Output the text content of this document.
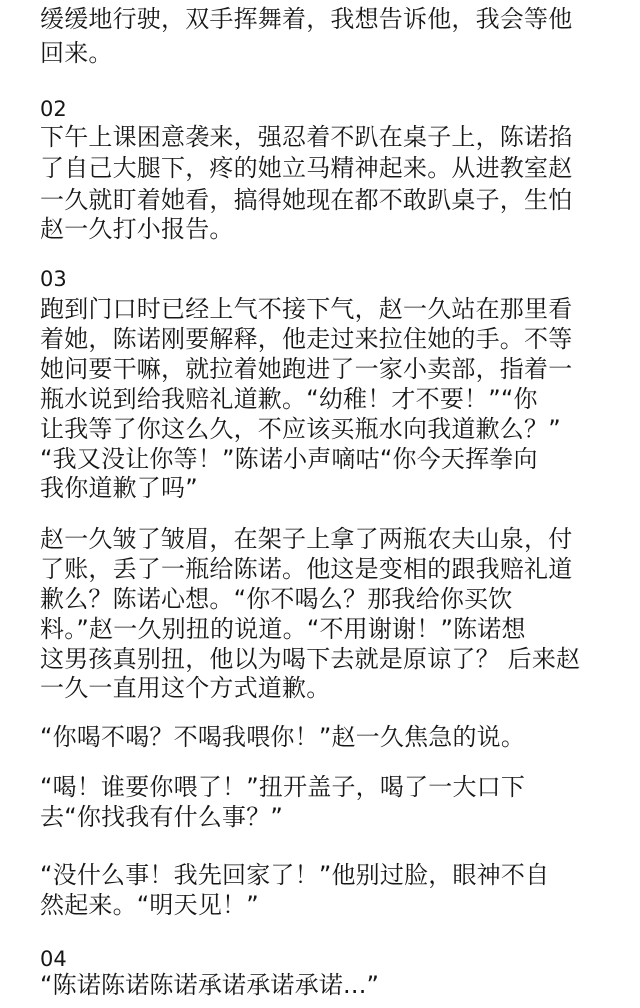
缓缓地行驶，双手挥舞着，我想告诉他，我会等他
回来。
02
下午上课困意袭来，强忍着不趴在桌子上，陈诺掐
了自己大腿下，疼的她立马精神起来。从进教室赵
一久就盯着她看，搞得她现在都不敢趴桌子，生怕
赵一久打小报告。
03
跑到门口时已经上气不接下气，赵一久站在那里看
着她，陈诺刚要解释，他走过来拉住她的手。不等
她问要干嘛，就拉着她跑进了一家小卖部，指着一
瓶水说到给我赔礼道歉。“幼稚！才不要！”“你
让我等了你这么久，不应该买瓶水向我道歉么？”
“我又没让你等！”陈诺小声嘀咕“你今天挥拳向
我你道歉了吗”
赵一久皱了皱眉，在架子上拿了两瓶农夫山泉，付
了账，丢了一瓶给陈诺。他这是变相的跟我赔礼道
歉么？陈诺心想。“你不喝么？那我给你买饮
料。”赵一久别扭的说道。“不用谢谢！”陈诺想
这男孩真别扭，他以为喝下去就是原谅了？ 后来赵
一久一直用这个方式道歉。
“你喝不喝？不喝我喂你！”赵一久焦急的说。
“喝！谁要你喂了！”扭开盖子，喝了一大口下
去“你找我有什么事？”
“没什么事！我先回家了！”他别过脸，眼神不自
然起来。“明天见！”
04
“陈诺陈诺陈诺承诺承诺承诺...”
